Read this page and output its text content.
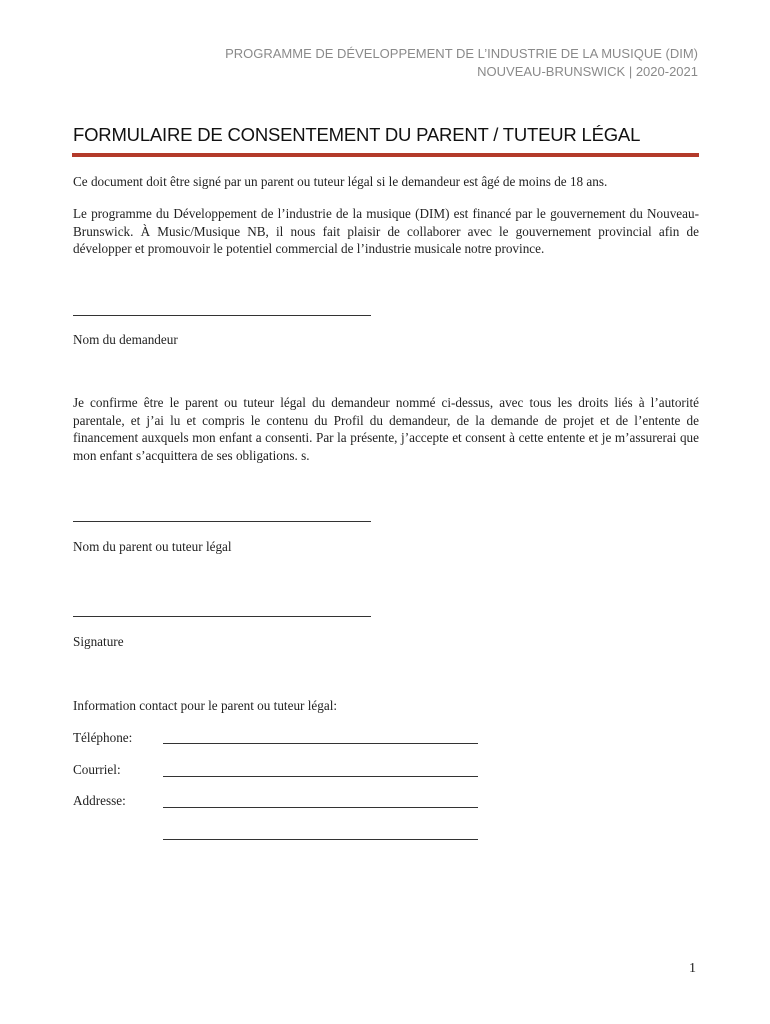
PROGRAMME DE DÉVELOPPEMENT DE L’INDUSTRIE DE LA MUSIQUE (DIM)
NOUVEAU-BRUNSWICK | 2020-2021
FORMULAIRE DE CONSENTEMENT DU PARENT / TUTEUR LÉGAL
Ce document doit être signé par un parent ou tuteur légal si le demandeur est âgé de moins de 18 ans.
Le programme du Développement de l’industrie de la musique (DIM) est financé par le gouvernement du Nouveau-Brunswick. À Music/Musique NB, il nous fait plaisir de collaborer avec le gouvernement provincial afin de développer et promouvoir le potentiel commercial de l’industrie musicale notre province.
Nom du demandeur
Je confirme être le parent ou tuteur légal du demandeur nommé ci-dessus, avec tous les droits liés à l’autorité parentale, et j’ai lu et compris le contenu du Profil du demandeur, de la demande de projet et de l’entente de financement auxquels mon enfant a consenti. Par la présente, j’accepte et consent à cette entente et je m’assurerai que mon enfant s’acquittera de ses obligations. s.
Nom du parent ou tuteur légal
Signature
Information contact pour le parent ou tuteur légal:
Téléphone:
Courriel:
Addresse:
1
